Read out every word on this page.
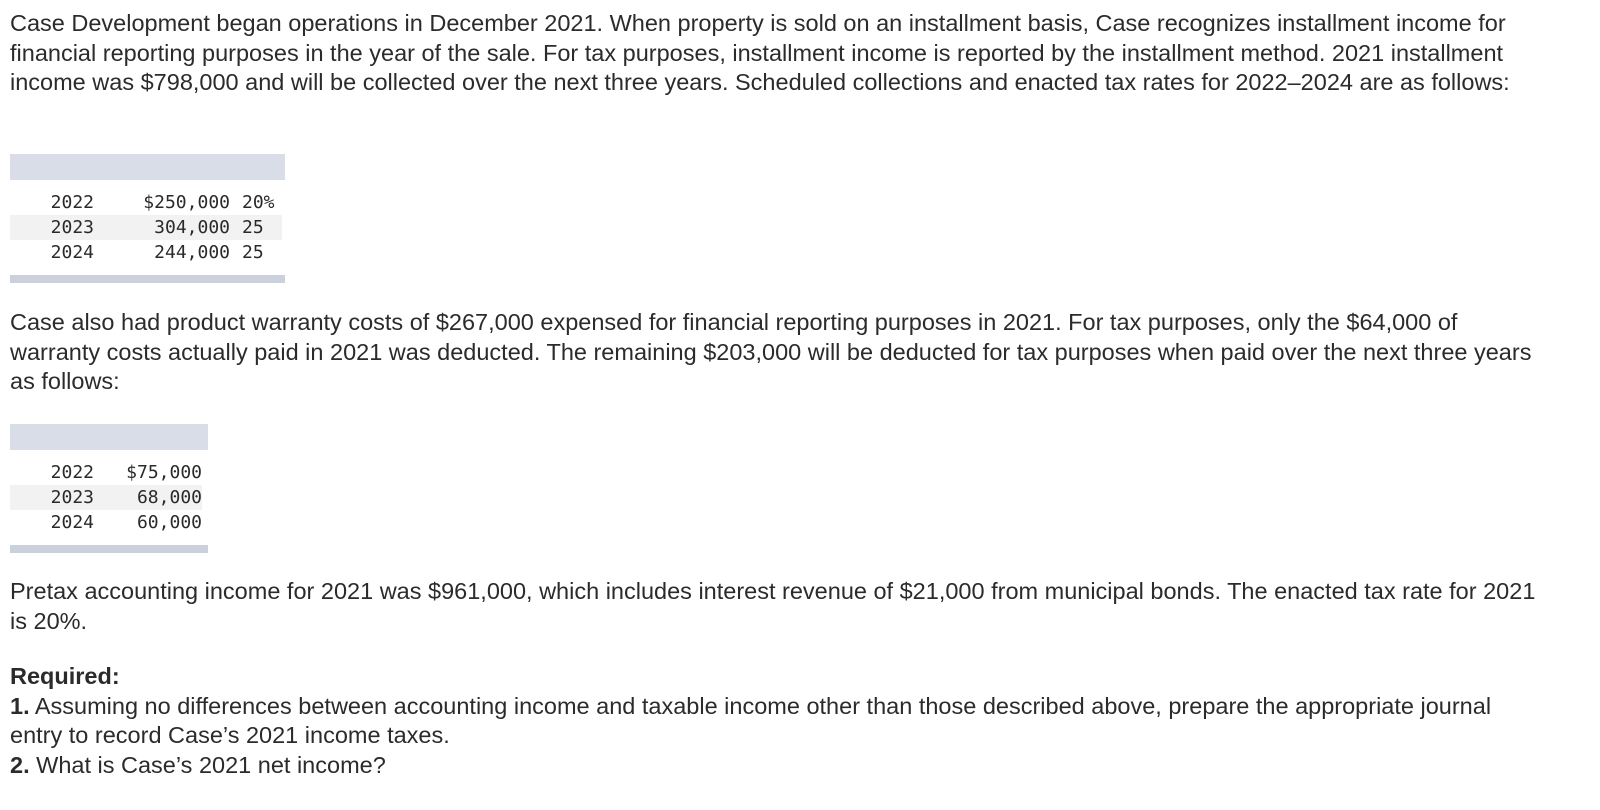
Case Development began operations in December 2021. When property is sold on an installment basis, Case recognizes installment income for financial reporting purposes in the year of the sale. For tax purposes, installment income is reported by the installment method. 2021 installment income was $798,000 and will be collected over the next three years. Scheduled collections and enacted tax rates for 2022–2024 are as follows:

2022	$250,000 20%
2023	304,000 25
2024	244,000 25

Case also had product warranty costs of $267,000 expensed for financial reporting purposes in 2021. For tax purposes, only the $64,000 of warranty costs actually paid in 2021 was deducted. The remaining $203,000 will be deducted for tax purposes when paid over the next three years as follows:

2022	$75,000
2023	68,000
2024	60,000

Pretax accounting income for 2021 was $961,000, which includes interest revenue of $21,000 from municipal bonds. The enacted tax rate for 2021 is 20%.

Required:
1. Assuming no differences between accounting income and taxable income other than those described above, prepare the appropriate journal entry to record Case’s 2021 income taxes.
2. What is Case’s 2021 net income?
